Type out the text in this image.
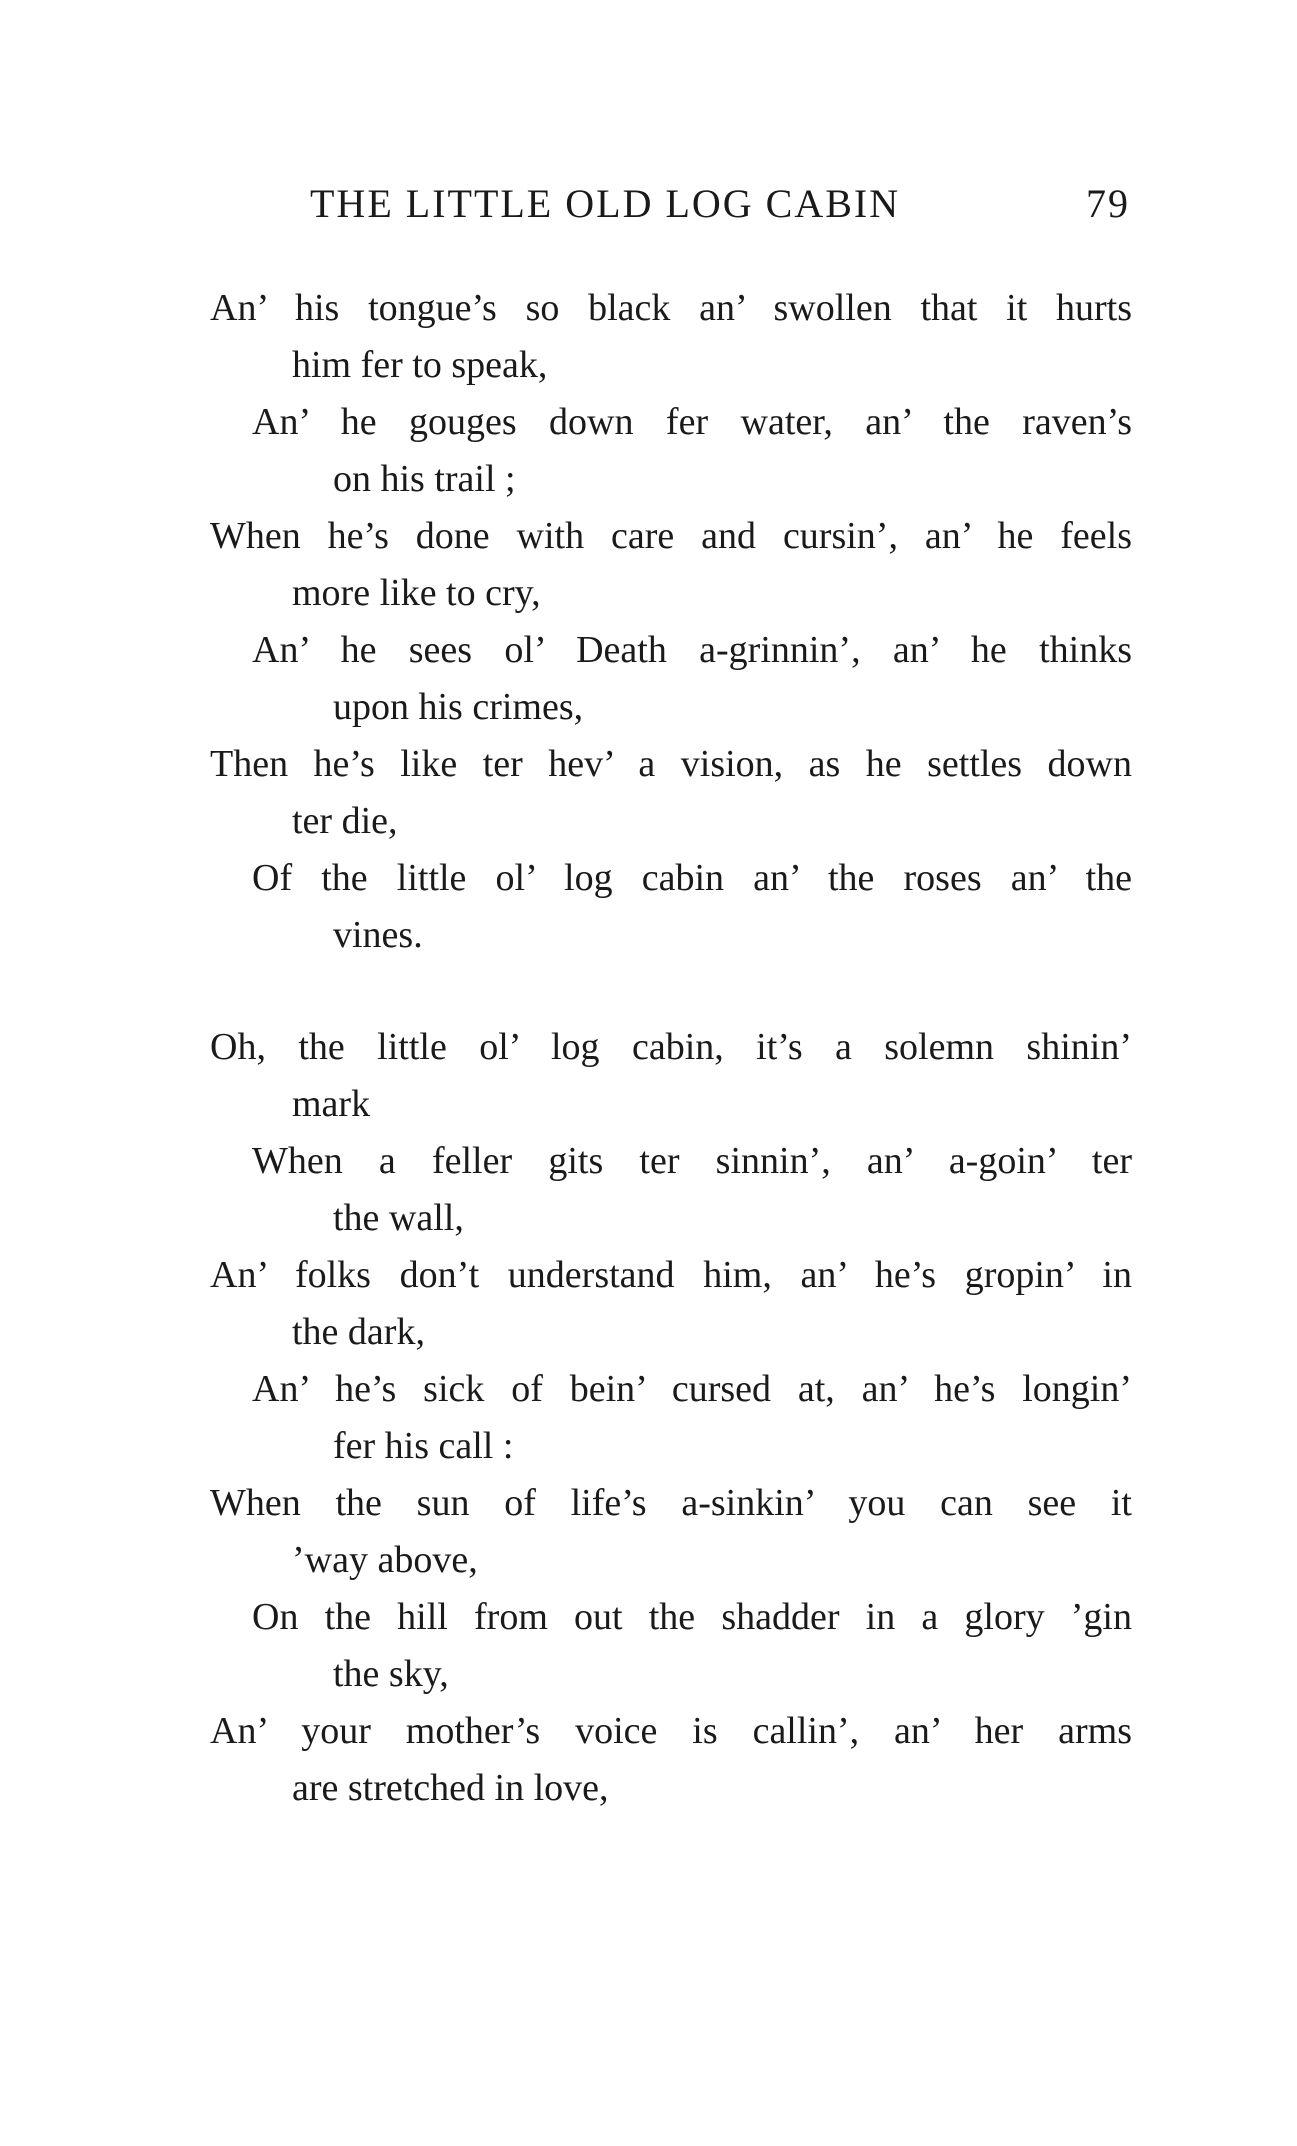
THE LITTLE OLD LOG CABIN	79
An’ his tongue’s so black an’ swollen that it hurts
him fer to speak,
An’ he gouges down fer water, an’ the raven’s
on his trail ;
When he’s done with care and cursin’, an’ he feels
more like to cry,
An’ he sees ol’ Death a-grinnin’, an’ he thinks
upon his crimes,
Then he’s like ter hev’ a vision, as he settles down
ter die,
Of the little ol’ log cabin an’ the roses an’ the
vines.
Oh, the little ol’ log cabin, it’s a solemn shinin’
mark
When a feller gits ter sinnin’, an’ a-goin’ ter
the wall,
An’ folks don’t understand him, an’ he’s gropin’ in
the dark,
An’ he’s sick of bein’ cursed at, an’ he’s longin’
fer his call :
When the sun of life’s a-sinkin’ you can see it
’way above,
On the hill from out the shadder in a glory ’gin
the sky,
An’ your mother’s voice is callin’, an’ her arms
are stretched in love,
